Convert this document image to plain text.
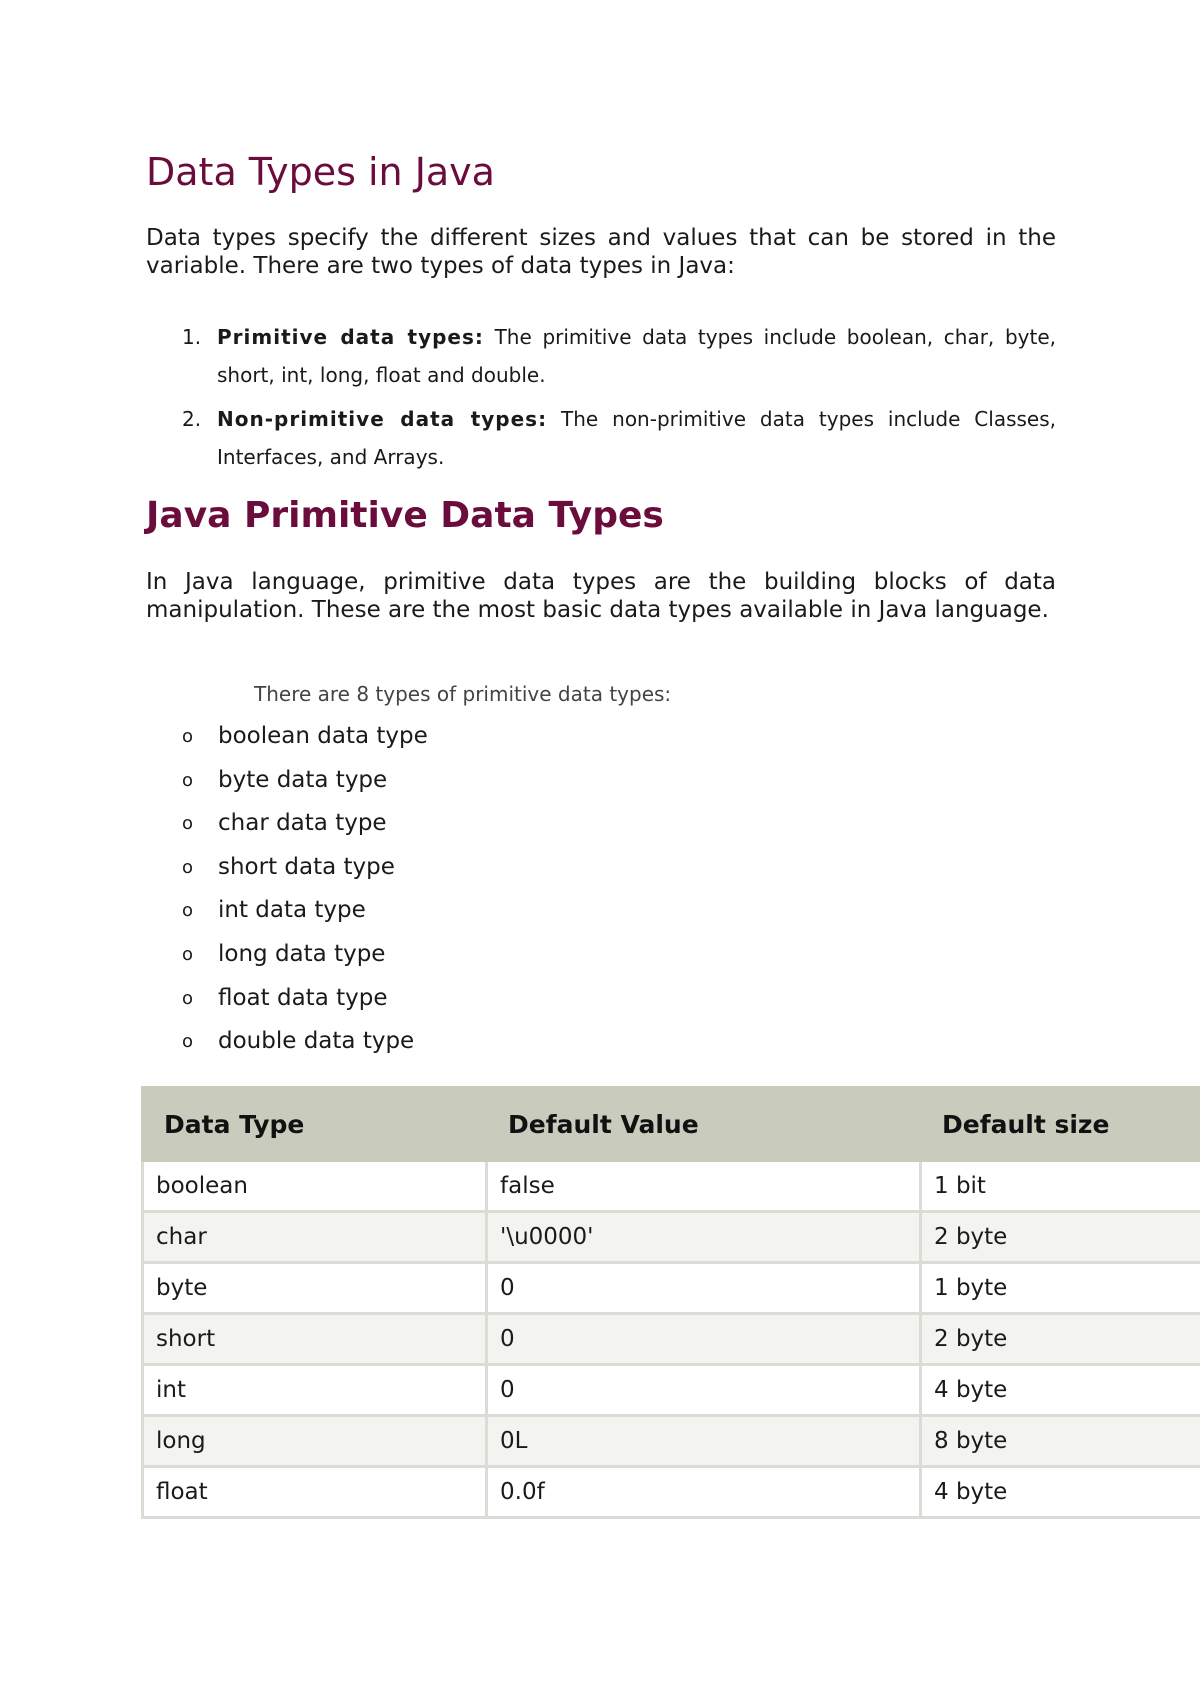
Data Types in Java

Data types specify the different sizes and values that can be stored in the variable. There are two types of data types in Java:

1. Primitive data types: The primitive data types include boolean, char, byte, short, int, long, float and double.
2. Non-primitive data types: The non-primitive data types include Classes, Interfaces, and Arrays.
Java Primitive Data Types

In Java language, primitive data types are the building blocks of data manipulation. These are the most basic data types available in Java language.

There are 8 types of primitive data types:

o boolean data type
o byte data type
o char data type
o short data type
o int data type
o long data type
o float data type
o double data type
Data Type	Default Value	Default size
boolean	false	1 bit
char	'\u0000'	2 byte
byte	0	1 byte
short	0	2 byte
int	0	4 byte
long	0L	8 byte
float	0.0f	4 byte
